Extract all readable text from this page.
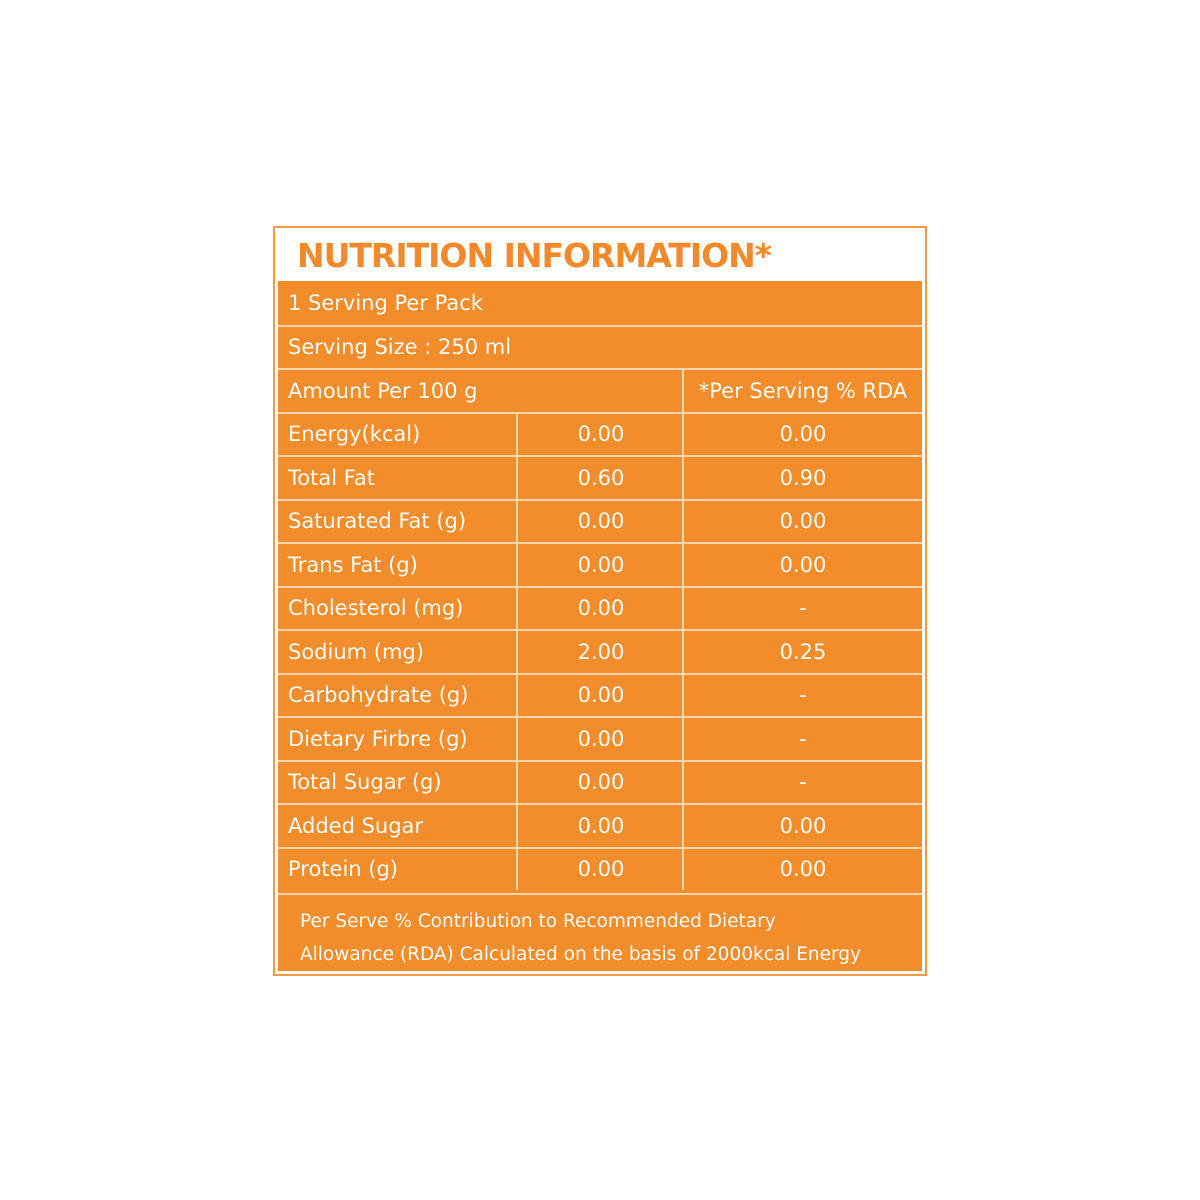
NUTRITION INFORMATION*
1 Serving Per Pack
Serving Size : 250 ml
Amount Per 100 g	*Per Serving % RDA
Energy(kcal)	0.00	0.00
Total Fat	0.60	0.90
Saturated Fat (g)	0.00	0.00
Trans Fat (g)	0.00	0.00
Cholesterol (mg)	0.00	-
Sodium (mg)	2.00	0.25
Carbohydrate (g)	0.00	-
Dietary Firbre (g)	0.00	-
Total Sugar (g)	0.00	-
Added Sugar	0.00	0.00
Protein (g)	0.00	0.00
Per Serve % Contribution to Recommended Dietary
Allowance (RDA) Calculated on the basis of 2000kcal Energy
